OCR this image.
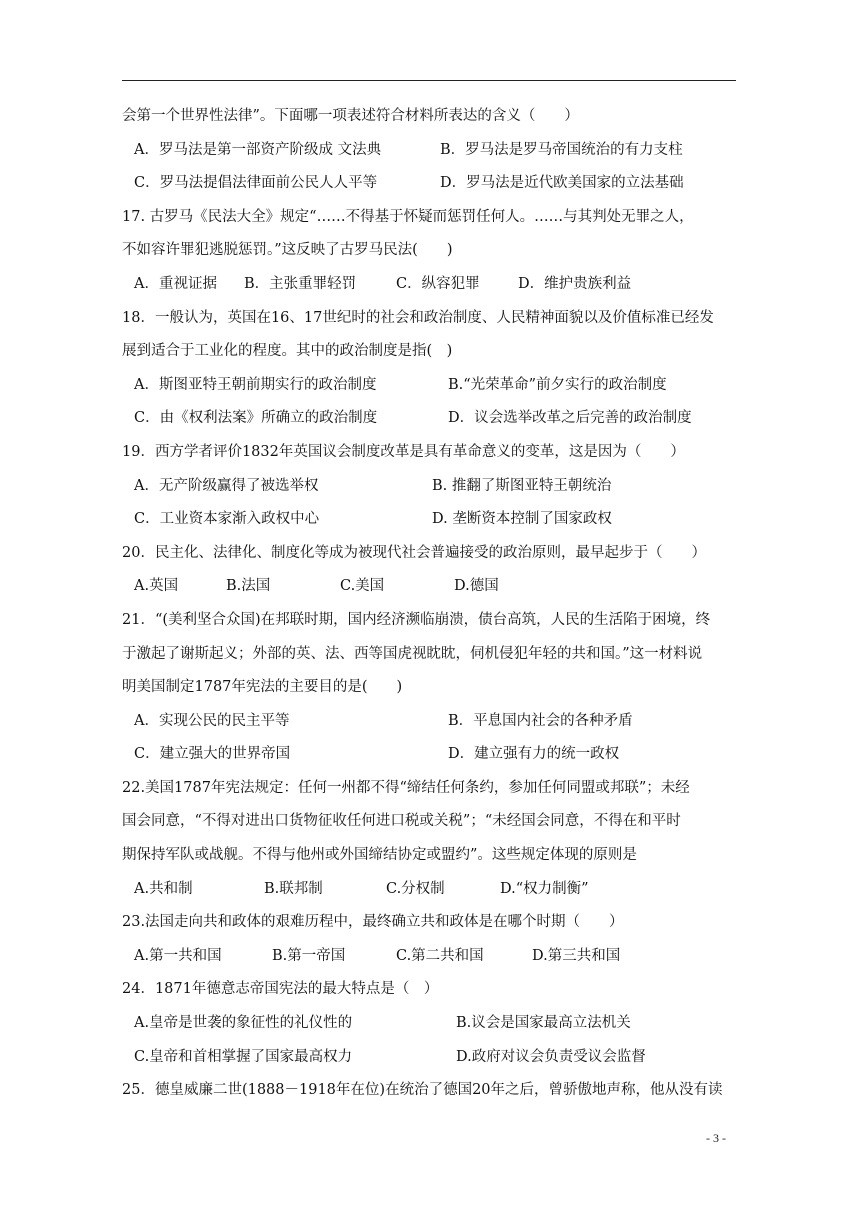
会第一个世界性法律”。下面哪一项表述符合材料所表达的含义（　　）
A．罗马法是第一部资产阶级成 文法典	B．罗马法是罗马帝国统治的有力支柱
C．罗马法提倡法律面前公民人人平等	D．罗马法是近代欧美国家的立法基础
17. 古罗马《民法大全》规定“……不得基于怀疑而惩罚任何人。……与其判处无罪之人，
不如容许罪犯逃脱惩罚。”这反映了古罗马民法(　　)
A．重视证据 B．主张重罪轻罚	C．纵容犯罪	D．维护贵族利益
18．一般认为，英国在16、17世纪时的社会和政治制度、人民精神面貌以及价值标准已经发
展到适合于工业化的程度。其中的政治制度是指(　)
A．斯图亚特王朝前期实行的政治制度	B.“光荣革命”前夕实行的政治制度
C．由《权利法案》所确立的政治制度	D．议会选举改革之后完善的政治制度
19．西方学者评价1832年英国议会制度改革是具有革命意义的变革，这是因为（　　）
A．无产阶级赢得了被选举权	B. 推翻了斯图亚特王朝统治
C．工业资本家渐入政权中心	D. 垄断资本控制了国家政权
20．民主化、法律化、制度化等成为被现代社会普遍接受的政治原则，最早起步于（　　）
A.英国	B.法国	C.美国	D.德国
21．“(美利坚合众国)在邦联时期，国内经济濒临崩溃，债台高筑，人民的生活陷于困境，终
于激起了谢斯起义；外部的英、法、西等国虎视眈眈，伺机侵犯年轻的共和国。”这一材料说
明美国制定1787年宪法的主要目的是(　　)
A．实现公民的民主平等	B．平息国内社会的各种矛盾
C．建立强大的世界帝国	D．建立强有力的统一政权
22.美国1787年宪法规定：任何一州都不得“缔结任何条约，参加任何同盟或邦联”；未经
国会同意，“不得对进出口货物征收任何进口税或关税”；“未经国会同意，不得在和平时
期保持军队或战舰。不得与他州或外国缔结协定或盟约”。这些规定体现的原则是
A.共和制	B.联邦制	C.分权制	D.“权力制衡”
23.法国走向共和政体的艰难历程中，最终确立共和政体是在哪个时期（　　）
A.第一共和国	B.第一帝国	C.第二共和国	D.第三共和国
24．1871年德意志帝国宪法的最大特点是（　）
A.皇帝是世袭的象征性的礼仪性的	B.议会是国家最高立法机关
C.皇帝和首相掌握了国家最高权力	D.政府对议会负责受议会监督
25．德皇威廉二世(1888－1918年在位)在统治了德国20年之后，曾骄傲地声称，他从没有读
- 3 -
